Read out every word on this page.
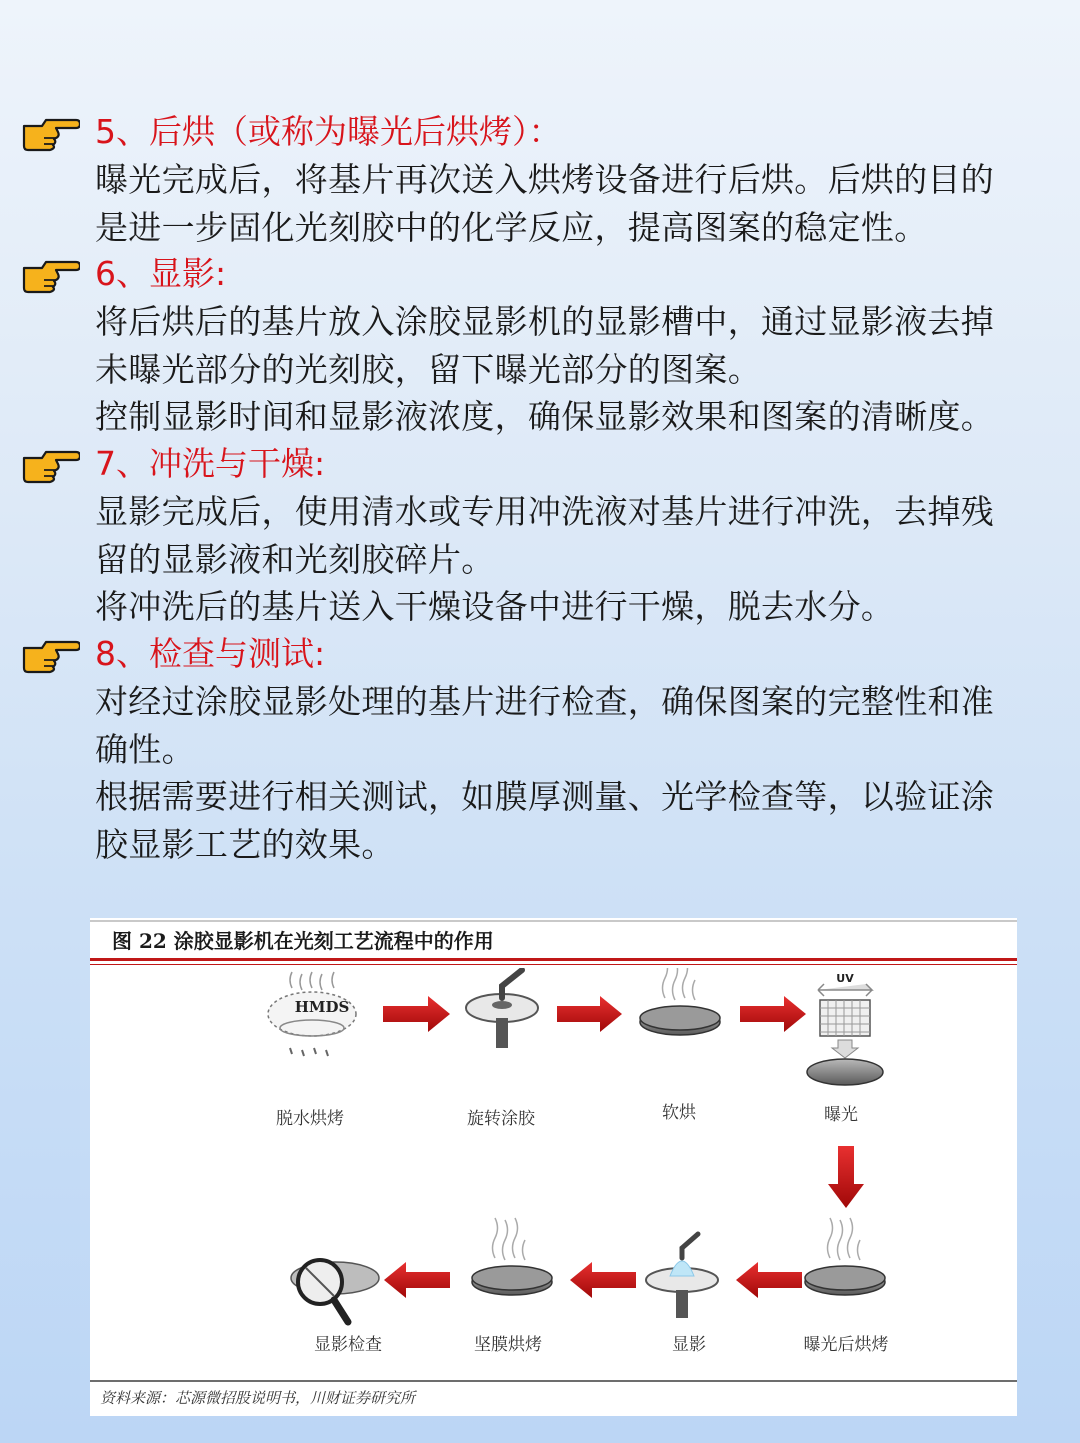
5、后烘（或称为曝光后烘烤）：
曝光完成后，将基片再次送入烘烤设备进行后烘。后烘的目的
是进一步固化光刻胶中的化学反应，提高图案的稳定性。
6、显影:
将后烘后的基片放入涂胶显影机的显影槽中，通过显影液去掉
未曝光部分的光刻胶，留下曝光部分的图案。
控制显影时间和显影液浓度，确保显影效果和图案的清晰度。
7、冲洗与干燥:
显影完成后，使用清水或专用冲洗液对基片进行冲洗，去掉残
留的显影液和光刻胶碎片。
将冲洗后的基片送入干燥设备中进行干燥，脱去水分。
8、检查与测试:
对经过涂胶显影处理的基片进行检查，确保图案的完整性和准
确性。
根据需要进行相关测试，如膜厚测量、光学检查等，以验证涂
胶显影工艺的效果。
图 22 涂胶显影机在光刻工艺流程中的作用
HMDS
UV
脱水烘烤	旋转涂胶	软烘	曝光
显影检查	坚膜烘烤	显影	曝光后烘烤
资料来源：芯源微招股说明书，川财证券研究所
